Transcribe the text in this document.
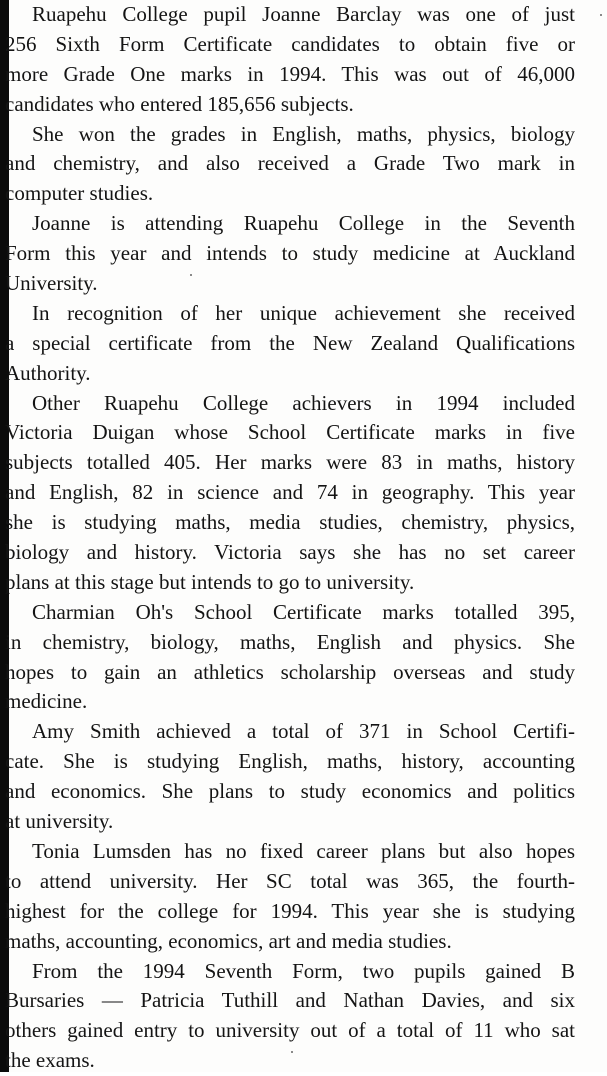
Ruapehu College pupil Joanne Barclay was one of just
256 Sixth Form Certificate candidates to obtain five or
more Grade One marks in 1994. This was out of 46,000
candidates who entered 185,656 subjects.

She won the grades in English, maths, physics, biology
and chemistry, and also received a Grade Two mark in
computer studies.

Joanne is attending Ruapehu College in the Seventh
Form this year and intends to study medicine at Auckland
University.

In recognition of her unique achievement she received
a special certificate from the New Zealand Qualifications
Authority.

Other Ruapehu College achievers in 1994 included
Victoria Duigan whose School Certificate marks in five
subjects totalled 405. Her marks were 83 in maths, history
and English, 82 in science and 74 in geography. This year
she is studying maths, media studies, chemistry, physics,
biology and history. Victoria says she has no set career
plans at this stage but intends to go to university.

Charmian Oh's School Certificate marks totalled 395,
in chemistry, biology, maths, English and physics. She
hopes to gain an athletics scholarship overseas and study
medicine.

Amy Smith achieved a total of 371 in School Certifi-
cate. She is studying English, maths, history, accounting
and economics. She plans to study economics and politics
at university.

Tonia Lumsden has no fixed career plans but also hopes
to attend university. Her SC total was 365, the fourth-
highest for the college for 1994. This year she is studying
maths, accounting, economics, art and media studies.

From the 1994 Seventh Form, two pupils gained B
Bursaries — Patricia Tuthill and Nathan Davies, and six
others gained entry to university out of a total of 11 who sat
the exams.
